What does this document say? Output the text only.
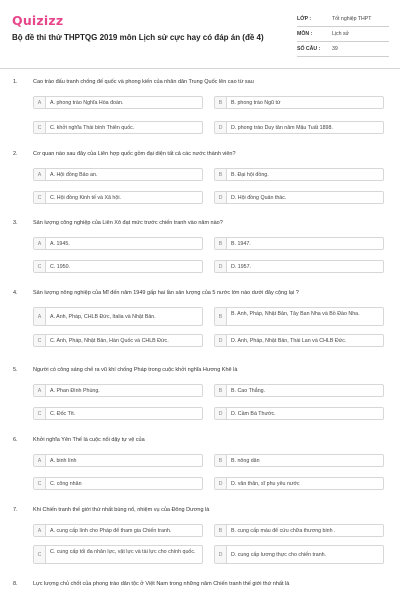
Quizizz
Bộ đề thi thử THPTQG 2019 môn Lịch sử cực hay có đáp án (đề 4)
LỚP :	Tốt nghiệp THPT
MÔN :	Lịch sử
SỐ CÂU :	39
1.	Cao trào đấu tranh chống đế quốc và phong kiến của nhân dân Trung Quốc lên cao từ sau
A	A. phong trào Nghĩa Hòa đoàn.	B	B. phong trào Ngũ tứ
C	C. khởi nghĩa Thái bình Thiên quốc.	D	D. phong trào Duy tân năm Mậu Tuất 1898.
2.	Cơ quan nào sau đây của Liên hợp quốc gồm đại diện tất cả các nước thành viên?
A	A. Hội đồng Bảo an.	B	B. Đại hội đồng.
C	C. Hội đồng Kinh tế và Xã hội.	D	D. Hội đồng Quản thác.
3.	Sản lượng công nghiệp của Liên Xô đạt mức trước chiến tranh vào năm nào?
A	A. 1945.	B	B. 1947.
C	C. 1950.	D	D. 1957.
4.	Sản lượng nông nghiệp của Mĩ đến năm 1949 gấp hai lần sản lượng của 5 nước lớn nào dưới đây cộng lại ?
A	A. Anh, Pháp, CHLB Đức, Italia và Nhật Bản.	B	B. Anh, Pháp, Nhật Bản, Tây Ban Nha và Bồ Đào Nha.
C	C. Anh, Pháp, Nhật Bản, Hàn Quốc và CHLB Đức.	D	D. Anh, Pháp, Nhật Bản, Thái Lan và CHLB Đức.
5.	Người có công sáng chế ra vũ khí chống Pháp trong cuộc khởi nghĩa Hương Khê là
A	A. Phan Đình Phùng.	B	B. Cao Thắng.
C	C. Đốc Tít.	D	D. Cầm Bá Thước.
6.	Khởi nghĩa Yên Thế là cuộc nổi dậy tự vệ của
A	A. binh lính	B	B. nông dân
C	C. công nhân	D	D. văn thân, sĩ phu yêu nước
7.	Khi Chiến tranh thế giới thứ nhất bùng nổ, nhiệm vụ của Đông Dương là
A	A. cung cấp lính cho Pháp để tham gia Chiến tranh.	B	B. cung cấp máu để cứu chữa thương binh .
C	C. cung cấp tối đa nhân lực, vật lực và tài lực cho chính quốc.	D	D. cung cấp lương thực cho chiến tranh.
8.	Lực lượng chủ chốt của phong trào dân tộc ở Việt Nam trong những năm Chiến tranh thế giới thứ nhất là
